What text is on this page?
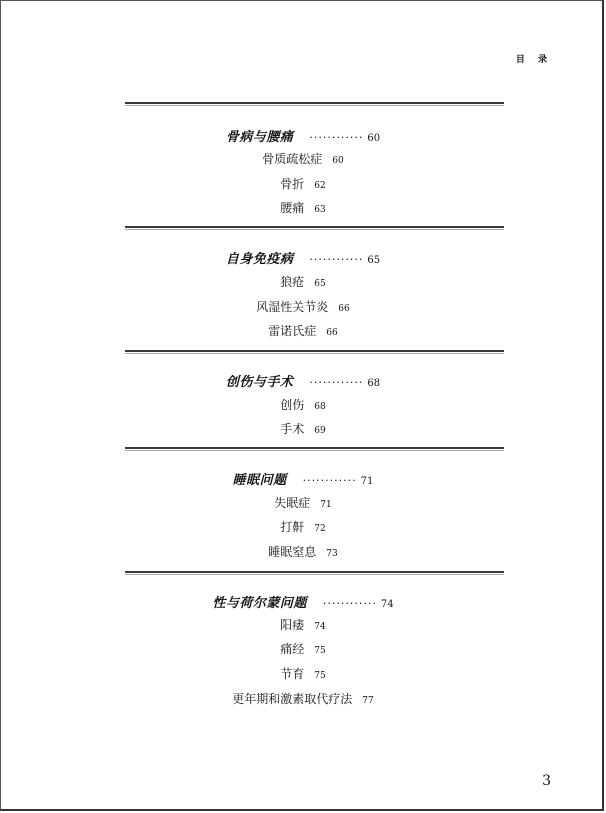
目 录
骨病与腰痛 ············ 60
骨质疏松症 60
骨折 62
腰痛 63
自身免疫病 ············ 65
狼疮 65
风湿性关节炎 66
雷诺氏症 66
创伤与手术 ············ 68
创伤 68
手术 69
睡眠问题 ············ 71
失眠症 71
打鼾 72
睡眠窒息 73
性与荷尔蒙问题 ············ 74
阳痿 74
痛经 75
节育 75
更年期和激素取代疗法 77
3
